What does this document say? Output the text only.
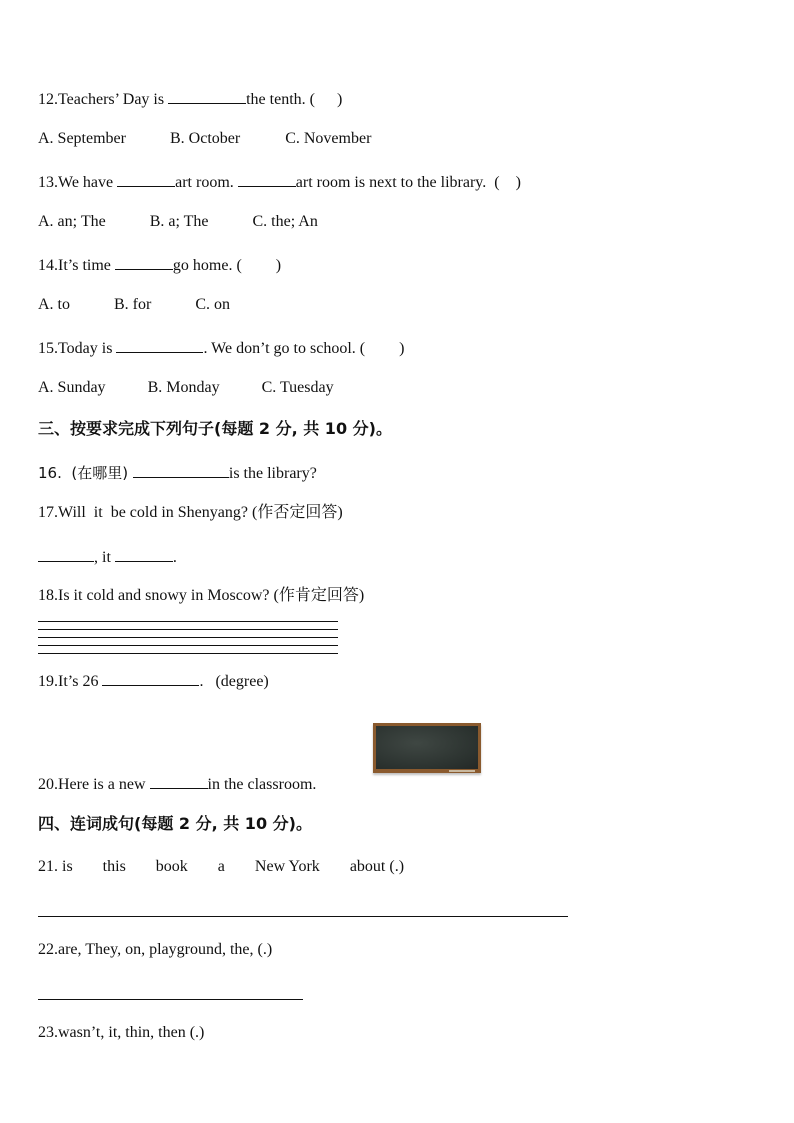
12.Teachers’ Day is	the tenth. ( )
A. September	B. October	C. November
13.We have	art room.	art room is next to the library.  ( )
A. an; The	B. a; The	C. the; An
14.It’s time	go home. ( )
A. to	B. for	C. on
15.Today is	. We don’t go to school. ( )
A. Sunday	B. Monday	C. Tuesday
三、按要求完成下列句子(每题 2 分, 共 10 分)。
16.  (在哪里)	is the library?
17.Will  it  be cold in Shenyang? (作否定回答)
, it	.
18.Is it cold and snowy in Moscow? (作肯定回答)
19.It’s 26	.   (degree)
20.Here is a new	in the classroom.
四、连词成句(每题 2 分, 共 10 分)。
21. is this book a New York about (.)
22.are, They, on, playground, the, (.)
23.wasn’t, it, thin, then (.)
